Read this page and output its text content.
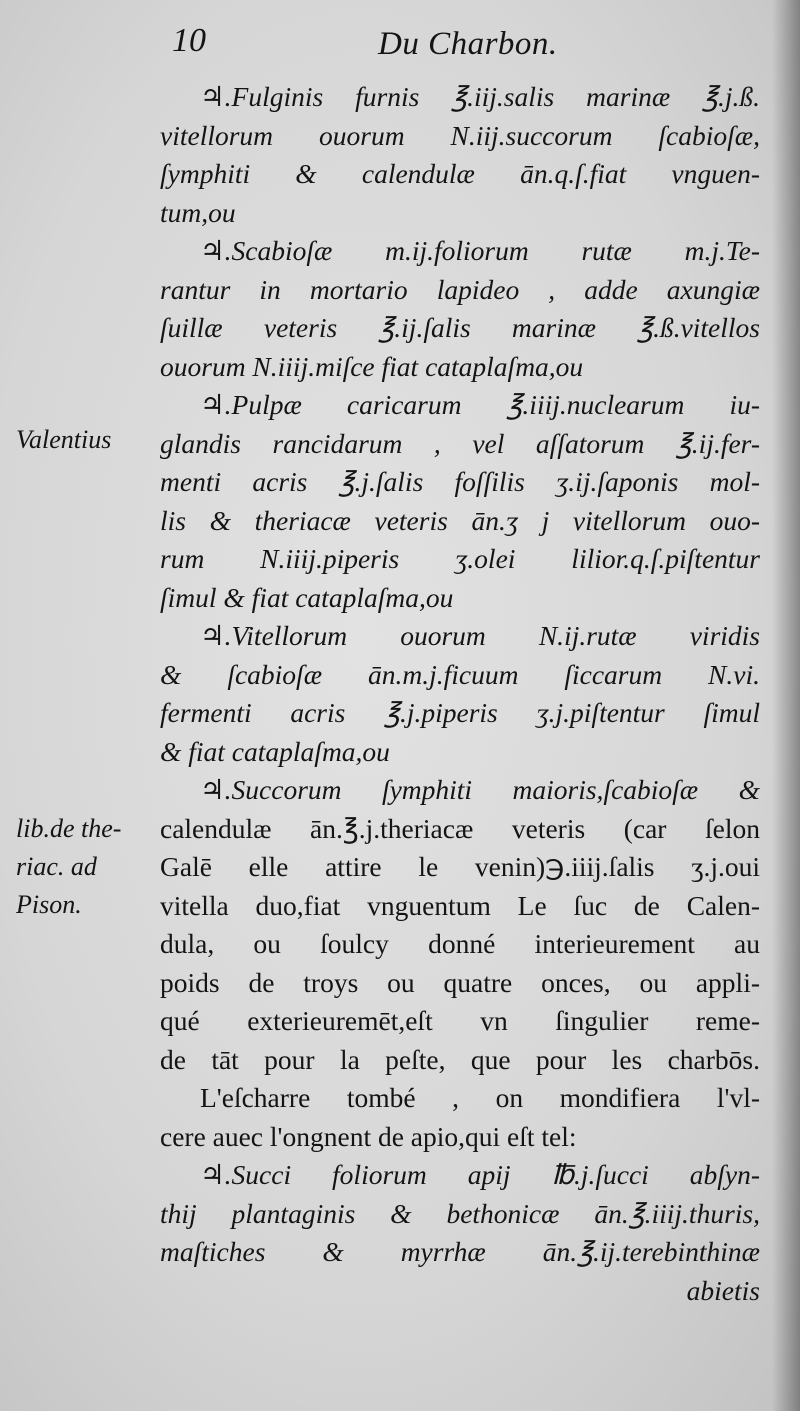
10	Du Charbon.
Valentius
lib.de the-
riac. ad
Pison.
♃.Fulginis furnis ℥.iij.salis marinæ ℥.j.ß.
vitellorum ouorum N.iij.succorum ſcabioſæ,
ſymphiti & calendulæ ān.q.ſ.fiat vnguen-
tum,ou
♃.Scabioſæ m.ij.foliorum rutæ m.j.Te-
rantur in mortario lapideo , adde axungiæ
ſuillæ veteris ℥.ij.ſalis marinæ ℥.ß.vitellos
ouorum N.iiij.miſce fiat cataplaſma,ou
♃.Pulpæ caricarum ℥.iiij.nuclearum iu-
glandis rancidarum , vel aſſatorum ℥.ij.fer-
menti acris ℥.j.ſalis foſſilis ʒ.ij.ſaponis mol-
lis & theriacæ veteris ān.ʒ j vitellorum ouo-
rum N.iiij.piperis ʒ.olei lilior.q.ſ.piſtentur
ſimul & fiat cataplaſma,ou
♃.Vitellorum ouorum N.ij.rutæ viridis
& ſcabioſæ ān.m.j.ficuum ſiccarum N.vi.
fermenti acris ℥.j.piperis ʒ.j.piſtentur ſimul
& fiat cataplaſma,ou
♃.Succorum ſymphiti maioris,ſcabioſæ &
calendulæ ān.℥.j.theriacæ veteris (car ſelon
Galē elle attire le venin)℈.iiij.ſalis ʒ.j.oui
vitella duo,fiat vnguentum Le ſuc de Calen-
dula, ou ſoulcy donné interieurement au
poids de troys ou quatre onces, ou appli-
qué exterieuremēt,eſt vn ſingulier reme-
de tāt pour la peſte, que pour les charbōs.
L'eſcharre tombé , on mondifiera l'vl-
cere auec l'ongnent de apio,qui eſt tel:
♃.Succi foliorum apij ℔.j.ſucci abſyn-
thij plantaginis & bethonicæ ān.℥.iiij.thuris,
maſtiches & myrrhæ ān.℥.ij.terebinthinæ
abietis
